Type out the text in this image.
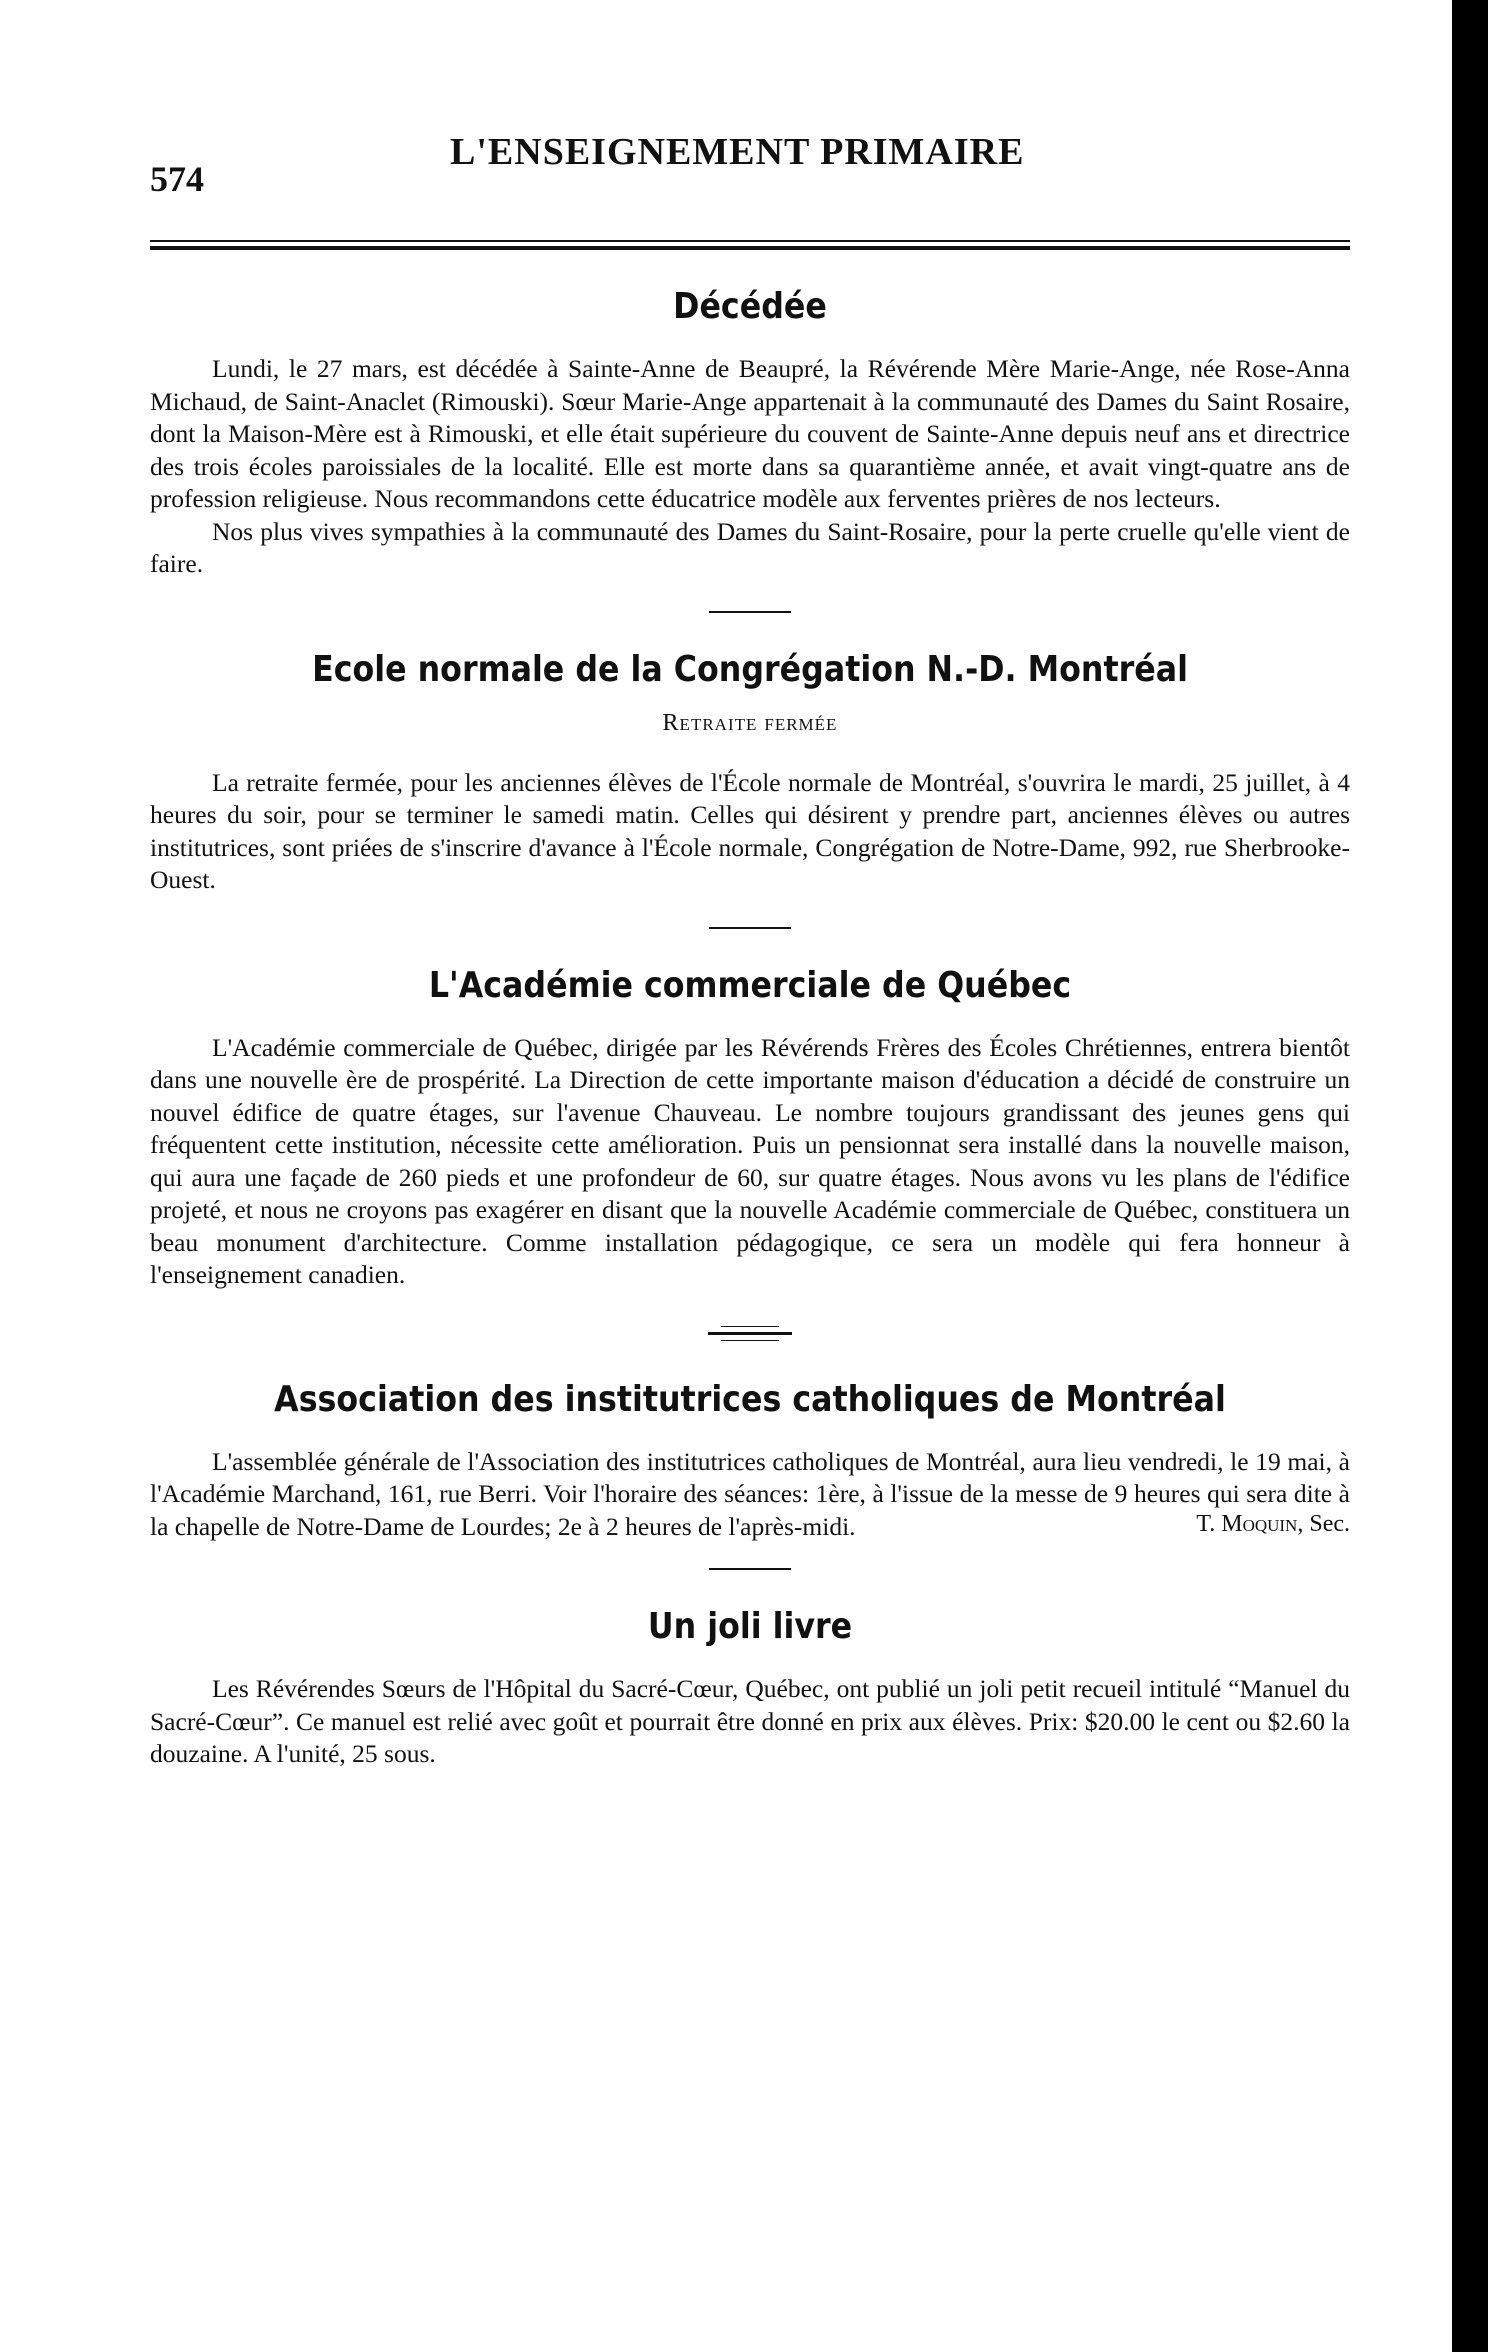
574
L'ENSEIGNEMENT PRIMAIRE
Décédée

Lundi, le 27 mars, est décédée à Sainte-Anne de Beaupré, la Révérende Mère Marie-Ange, née Rose-Anna Michaud, de Saint-Anaclet (Rimouski). Sœur Marie-Ange appartenait à la communauté des Dames du Saint Rosaire, dont la Maison-Mère est à Rimouski, et elle était supérieure du couvent de Sainte-Anne depuis neuf ans et directrice des trois écoles paroissiales de la localité. Elle est morte dans sa quarantième année, et avait vingt-quatre ans de profession religieuse. Nous recommandons cette éducatrice modèle aux ferventes prières de nos lecteurs.

Nos plus vives sympathies à la communauté des Dames du Saint-Rosaire, pour la perte cruelle qu'elle vient de faire.

Ecole normale de la Congrégation N.-D. Montréal
Retraite fermée

La retraite fermée, pour les anciennes élèves de l'École normale de Montréal, s'ouvrira le mardi, 25 juillet, à 4 heures du soir, pour se terminer le samedi matin. Celles qui désirent y prendre part, anciennes élèves ou autres institutrices, sont priées de s'inscrire d'avance à l'École normale, Congrégation de Notre-Dame, 992, rue Sherbrooke-Ouest.

L'Académie commerciale de Québec

L'Académie commerciale de Québec, dirigée par les Révérends Frères des Écoles Chrétiennes, entrera bientôt dans une nouvelle ère de prospérité. La Direction de cette importante maison d'éducation a décidé de construire un nouvel édifice de quatre étages, sur l'avenue Chauveau. Le nombre toujours grandissant des jeunes gens qui fréquentent cette institution, nécessite cette amélioration. Puis un pensionnat sera installé dans la nouvelle maison, qui aura une façade de 260 pieds et une profondeur de 60, sur quatre étages. Nous avons vu les plans de l'édifice projeté, et nous ne croyons pas exagérer en disant que la nouvelle Académie commerciale de Québec, constituera un beau monument d'architecture. Comme installation pédagogique, ce sera un modèle qui fera honneur à l'enseignement canadien.

Association des institutrices catholiques de Montréal

L'assemblée générale de l'Association des institutrices catholiques de Montréal, aura lieu vendredi, le 19 mai, à l'Académie Marchand, 161, rue Berri. Voir l'horaire des séances: 1ère, à l'issue de la messe de 9 heures qui sera dite à la chapelle de Notre-Dame de Lourdes; 2e à 2 heures de l'après-midi.	T. Moquin, Sec.
Un joli livre

Les Révérendes Sœurs de l'Hôpital du Sacré-Cœur, Québec, ont publié un joli petit recueil intitulé “Manuel du Sacré-Cœur”. Ce manuel est relié avec goût et pourrait être donné en prix aux élèves. Prix: $20.00 le cent ou $2.60 la douzaine. A l'unité, 25 sous.
